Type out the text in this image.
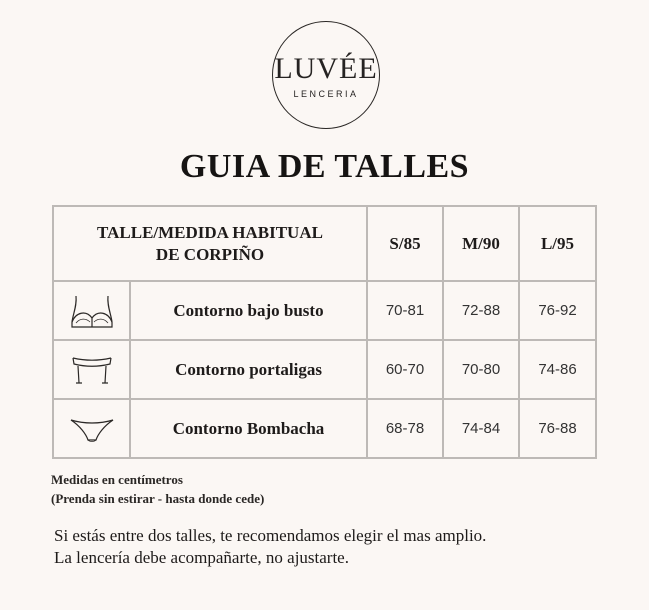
LUVÉE
LENCERIA
GUIA DE TALLES
TALLE/MEDIDA HABITUAL DE CORPIÑO		S/85	M/90	L/95

	Contorno bajo busto	70-81	72-88	76-92

	Contorno portaligas	60-70	70-80	74-86

	Contorno Bombacha	68-78	74-84	76-88
Medidas en centímetros
(Prenda sin estirar - hasta donde cede)
Si estás entre dos talles, te recomendamos elegir el mas amplio.
La lencería debe acompañarte, no ajustarte.
